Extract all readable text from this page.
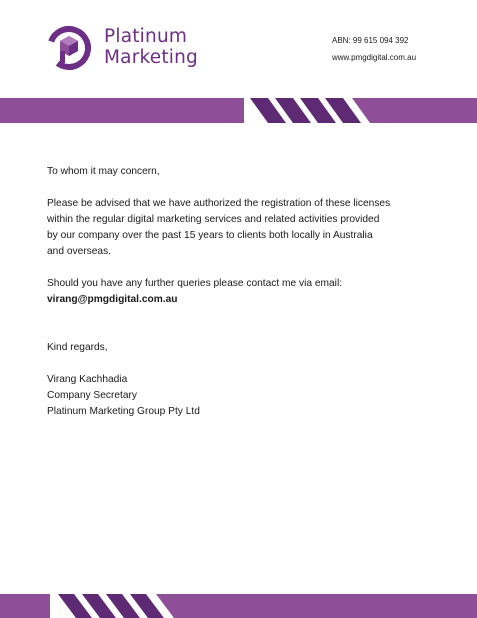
Platinum
Marketing
ABN: 99 615 094 392
www.pmgdigital.com.au

To whom it may concern,

Please be advised that we have authorized the registration of these licenses

within the regular digital marketing services and related activities provided

by our company over the past 15 years to clients both locally in Australia

and overseas.

Should you have any further queries please contact me via email:

virang@pmgdigital.com.au

Kind regards,

Virang Kachhadia

Company Secretary

Platinum Marketing Group Pty Ltd
